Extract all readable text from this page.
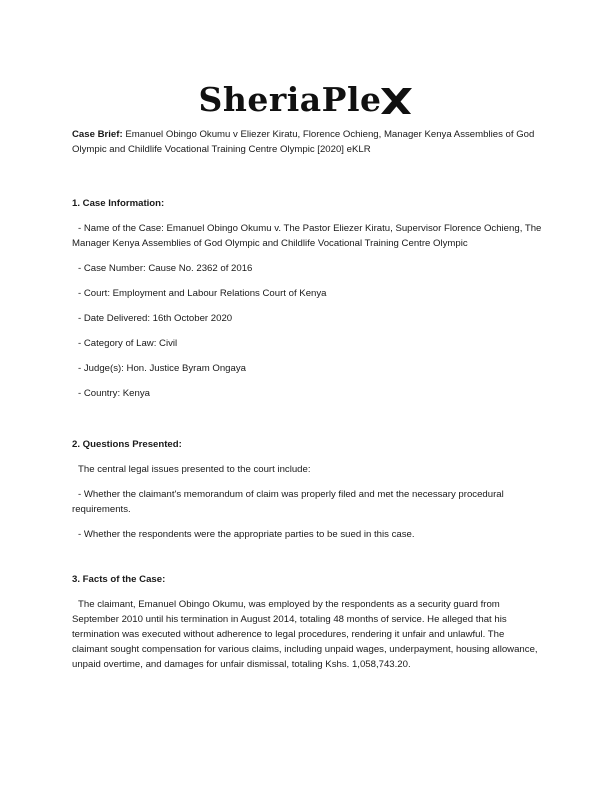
SheriaPle

Case Brief: Emanuel Obingo Okumu v Eliezer Kiratu, Florence Ochieng, Manager Kenya Assemblies of God Olympic and Childlife Vocational Training Centre Olympic [2020] eKLR

1. Case Information:

- Name of the Case: Emanuel Obingo Okumu v. The Pastor Eliezer Kiratu, Supervisor Florence Ochieng, The Manager Kenya Assemblies of God Olympic and Childlife Vocational Training Centre Olympic

- Case Number: Cause No. 2362 of 2016

- Court: Employment and Labour Relations Court of Kenya

- Date Delivered: 16th October 2020

- Category of Law: Civil

- Judge(s): Hon. Justice Byram Ongaya

- Country: Kenya

2. Questions Presented:

The central legal issues presented to the court include:

- Whether the claimant's memorandum of claim was properly filed and met the necessary procedural requirements.

- Whether the respondents were the appropriate parties to be sued in this case.

3. Facts of the Case:

The claimant, Emanuel Obingo Okumu, was employed by the respondents as a security guard from September 2010 until his termination in August 2014, totaling 48 months of service. He alleged that his termination was executed without adherence to legal procedures, rendering it unfair and unlawful. The claimant sought compensation for various claims, including unpaid wages, underpayment, housing allowance, unpaid overtime, and damages for unfair dismissal, totaling Kshs. 1,058,743.20.
